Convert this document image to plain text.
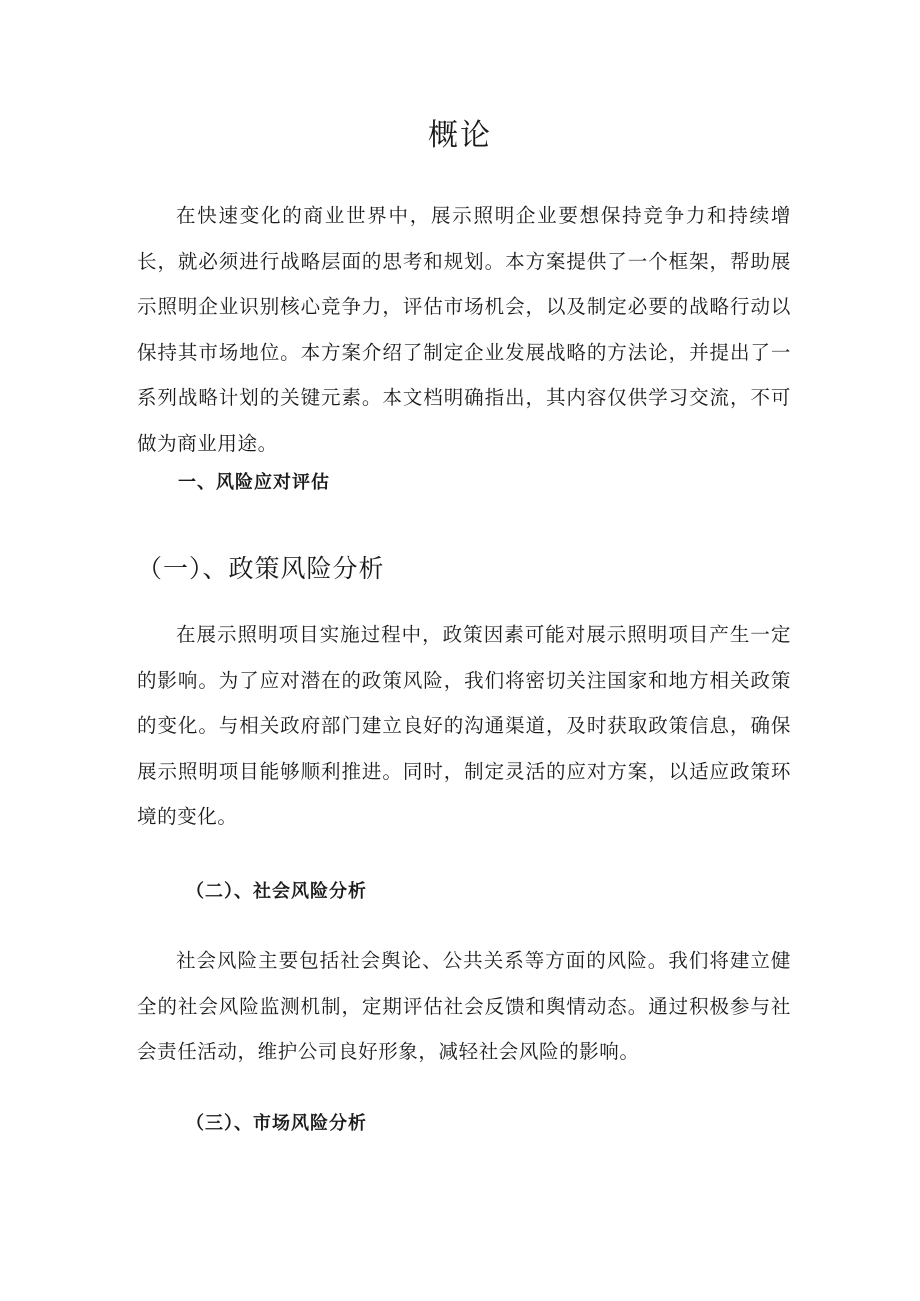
概论

在快速变化的商业世界中，展示照明企业要想保持竞争力和持续增长，就必须进行战略层面的思考和规划。本方案提供了一个框架，帮助展示照明企业识别核心竞争力，评估市场机会，以及制定必要的战略行动以保持其市场地位。本方案介绍了制定企业发展战略的方法论，并提出了一系列战略计划的关键元素。本文档明确指出，其内容仅供学习交流，不可做为商业用途。

一、风险应对评估
（一）、政策风险分析

在展示照明项目实施过程中，政策因素可能对展示照明项目产生一定的影响。为了应对潜在的政策风险，我们将密切关注国家和地方相关政策的变化。与相关政府部门建立良好的沟通渠道，及时获取政策信息，确保展示照明项目能够顺利推进。同时，制定灵活的应对方案，以适应政策环境的变化。

（二）、社会风险分析

社会风险主要包括社会舆论、公共关系等方面的风险。我们将建立健全的社会风险监测机制，定期评估社会反馈和舆情动态。通过积极参与社会责任活动，维护公司良好形象，减轻社会风险的影响。

（三）、市场风险分析
